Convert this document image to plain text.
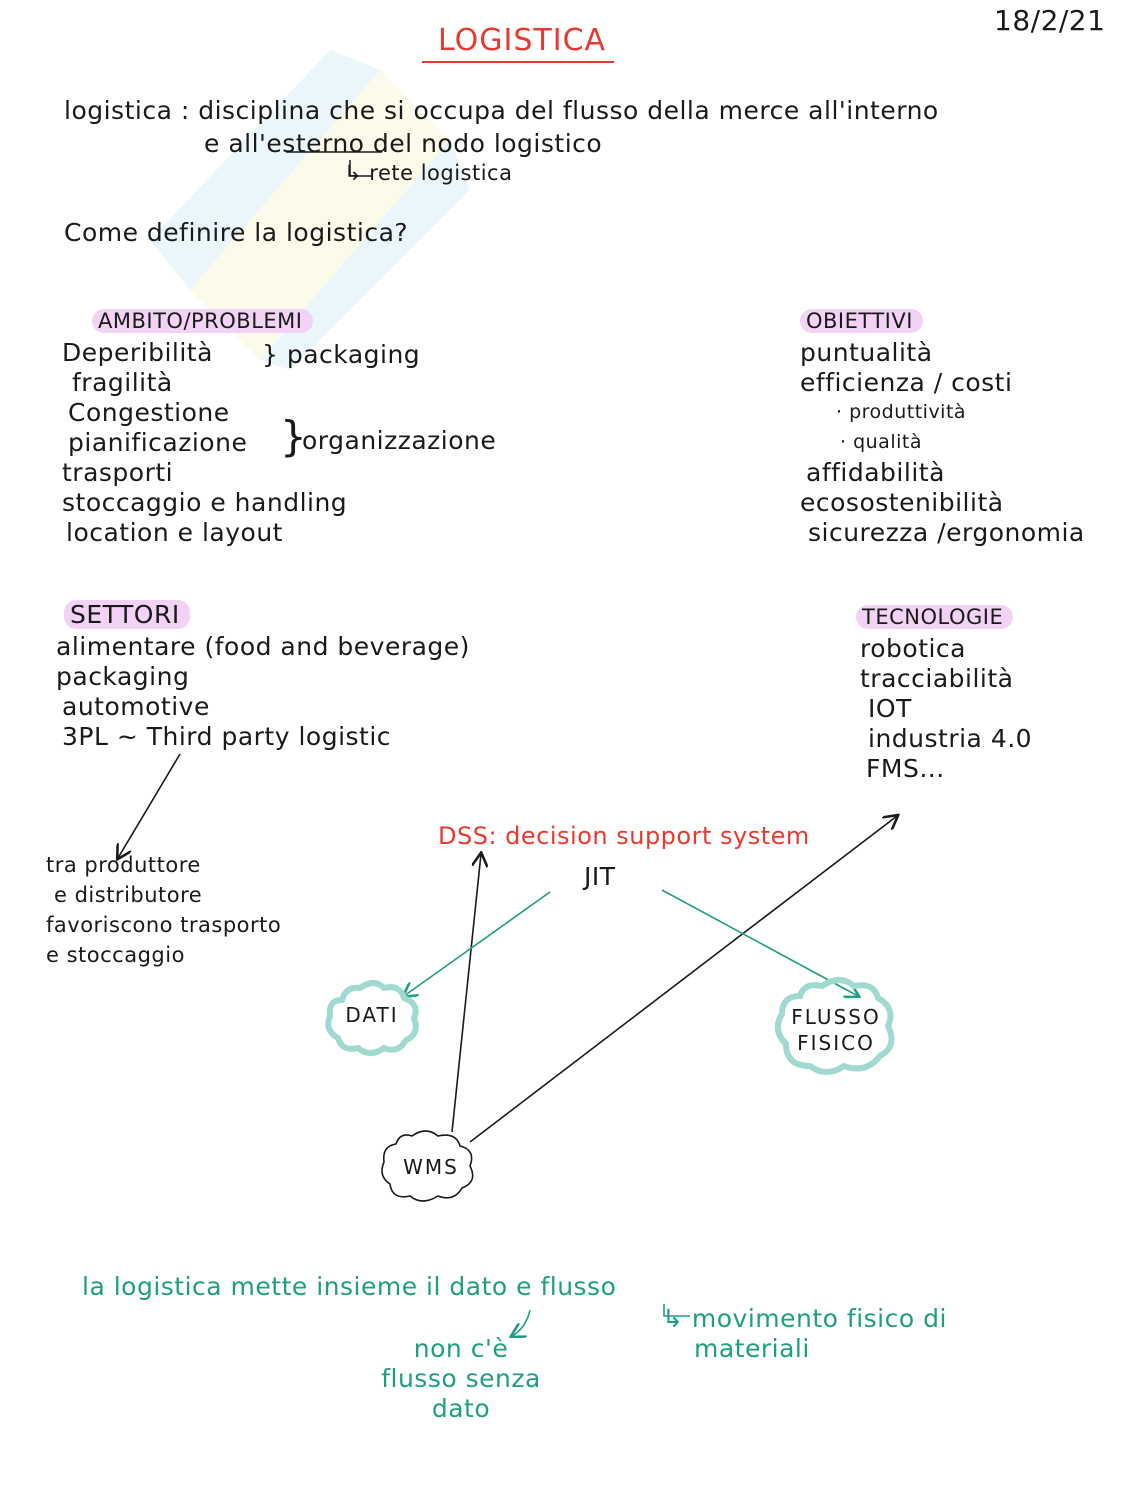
LOGISTICA
18/2/21
logistica : disciplina che si occupa del flusso della merce all'interno
e all'esterno del nodo logistico
↳ rete logistica
Come definire la logistica?
AMBITO/PROBLEMI
Deperibilità
fragilità
Congestione
pianificazione
trasporti
stoccaggio e handling
location e layout
} packaging
}
organizzazione
OBIETTIVI
puntualità
efficienza / costi
· produttività
· qualità
affidabilità
ecosostenibilità
sicurezza /ergonomia
SETTORI
alimentare (food and beverage)
packaging
automotive
3PL ~ Third party logistic
tra produttore
e distributore
favoriscono trasporto
e stoccaggio
TECNOLOGIE
robotica
tracciabilità
IOT
industria 4.0
FMS...
DSS: decision support system
JIT
DATI	FLUSSO
FISICO
WMS
la logistica mette insieme il dato e flusso
non c'è
flusso senza
dato
↳ movimento fisico di
materiali
